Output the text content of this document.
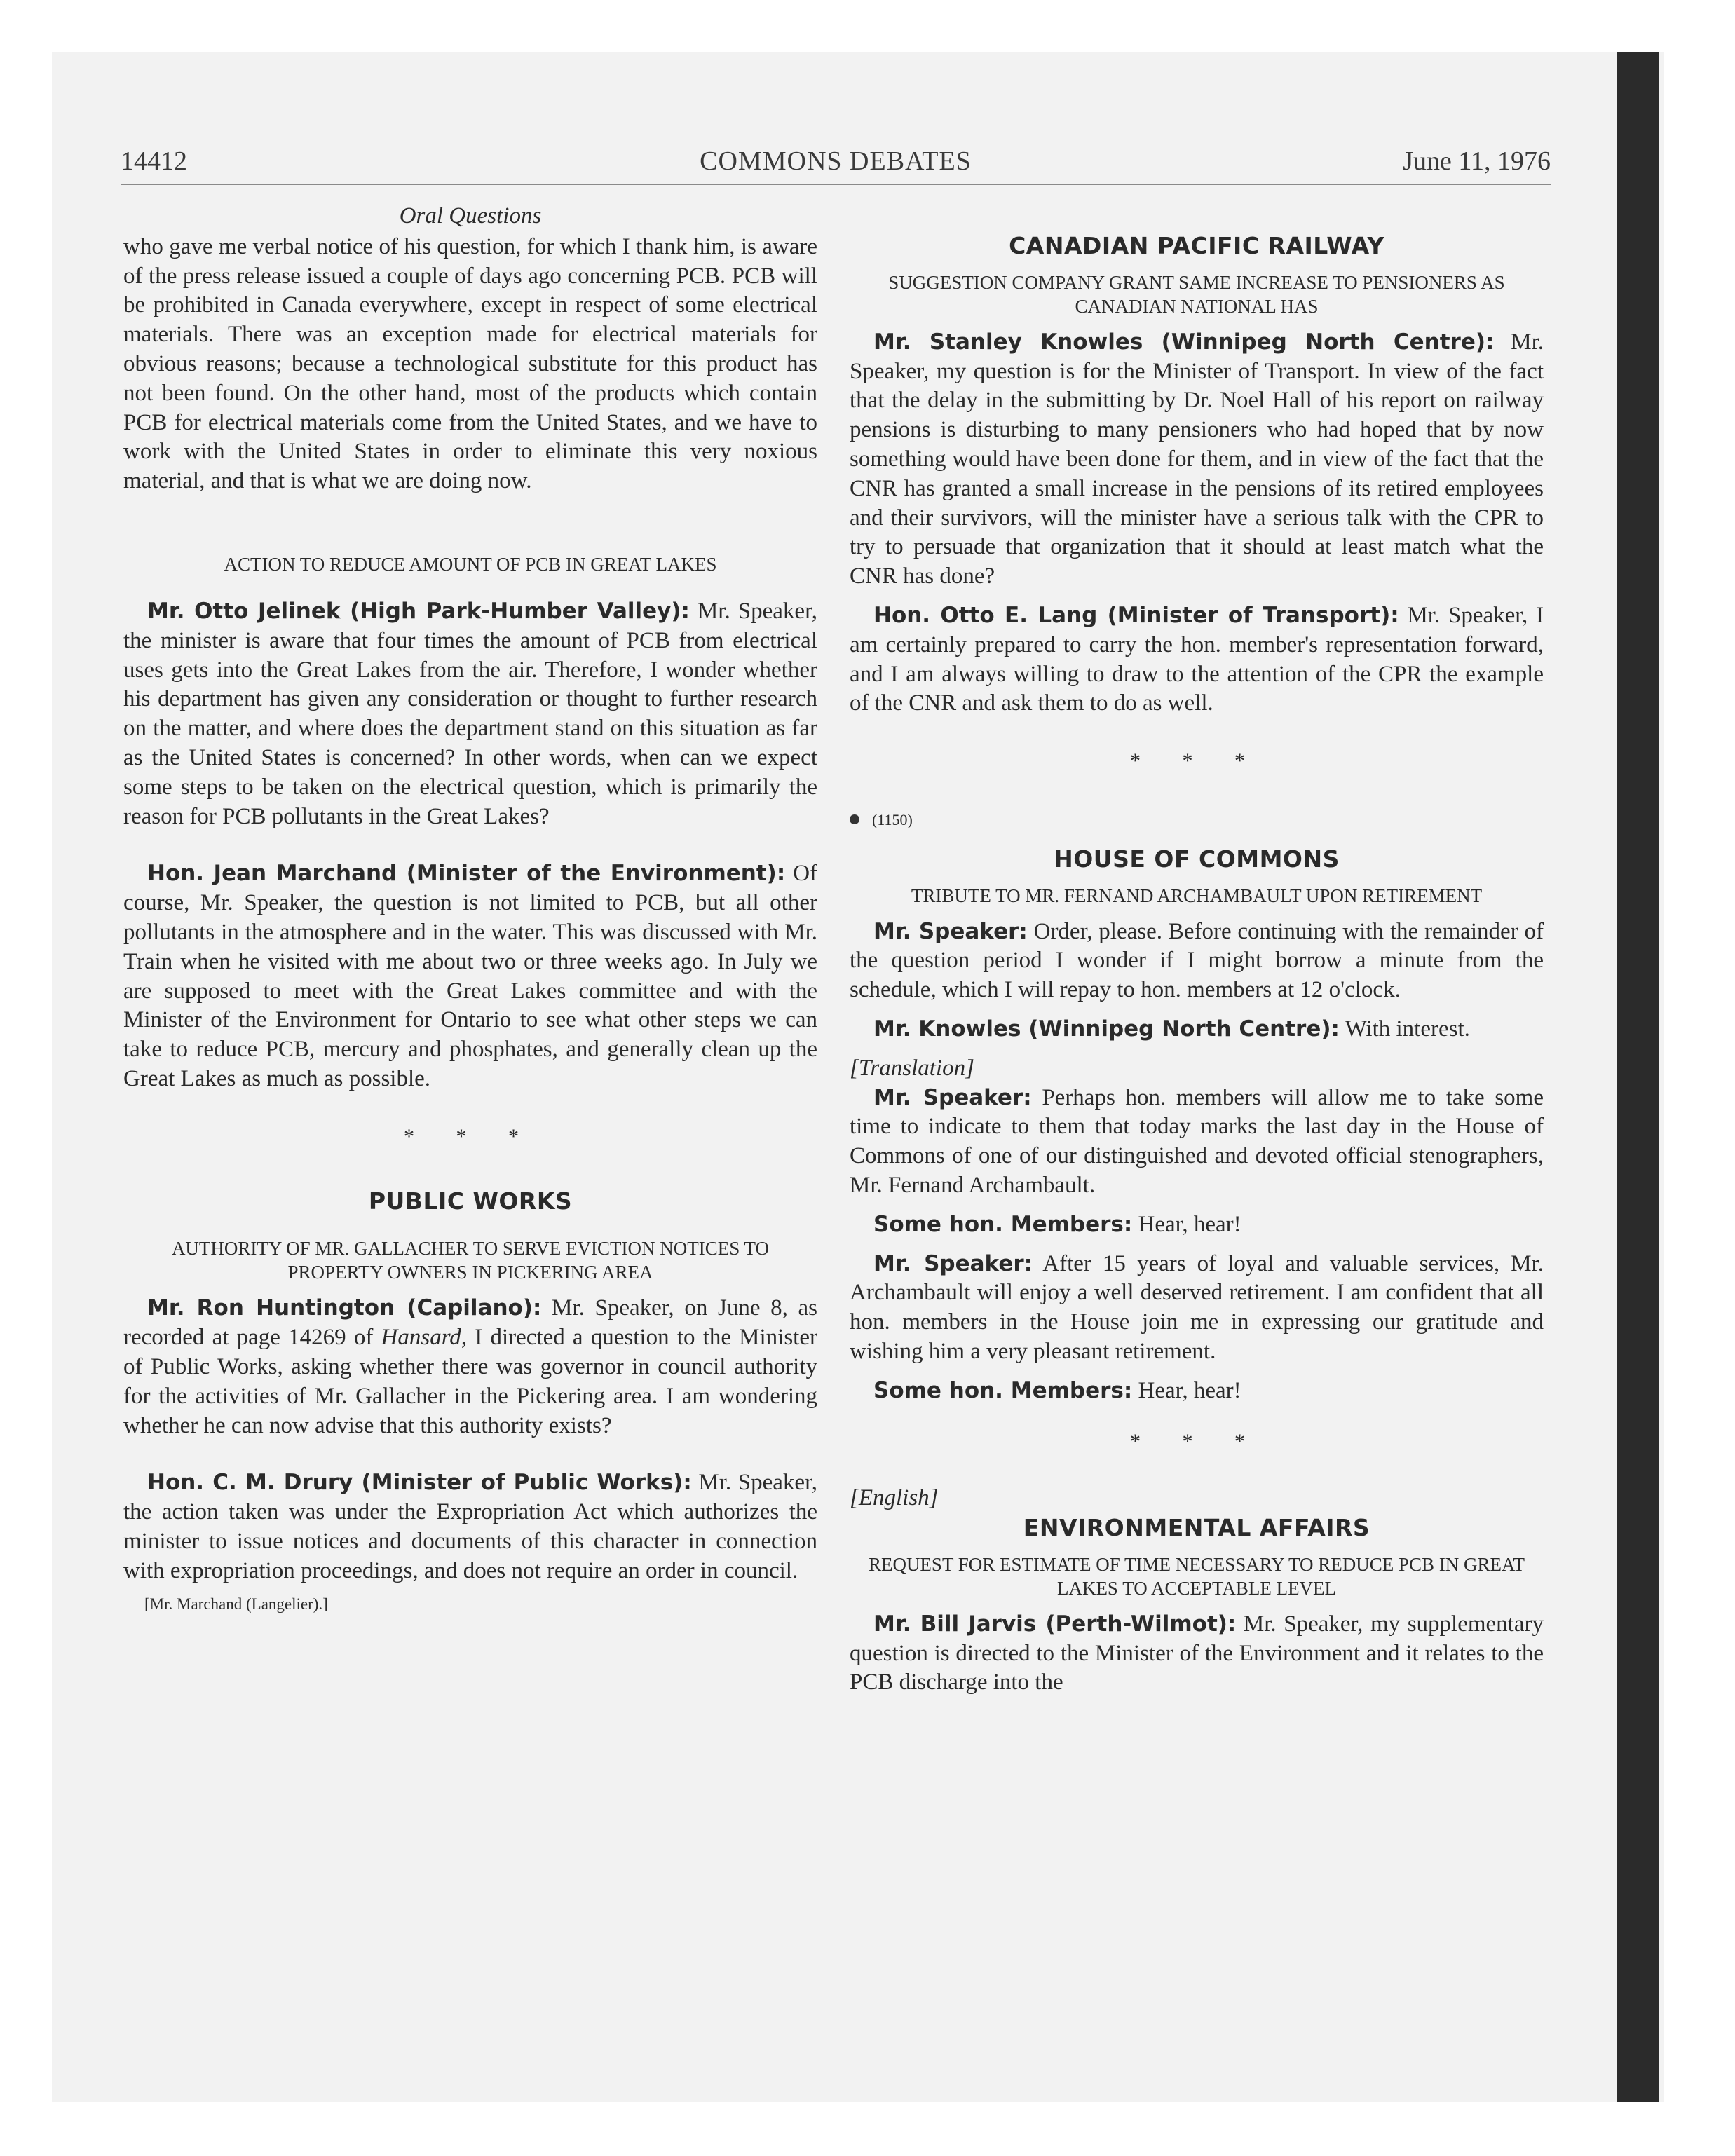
14412	COMMONS DEBATES	June 11, 1976

Oral Questions

who gave me verbal notice of his question, for which I thank him, is aware of the press release issued a couple of days ago concerning PCB. PCB will be prohibited in Canada everywhere, except in respect of some electrical materials. There was an exception made for electrical materials for obvious reasons; because a technological substitute for this product has not been found. On the other hand, most of the products which contain PCB for electrical materials come from the United States, and we have to work with the United States in order to eliminate this very noxious material, and that is what we are doing now.

ACTION TO REDUCE AMOUNT OF PCB IN GREAT LAKES

Mr. Otto Jelinek (High Park-Humber Valley): Mr. Speaker, the minister is aware that four times the amount of PCB from electrical uses gets into the Great Lakes from the air. Therefore, I wonder whether his department has given any consideration or thought to further research on the matter, and where does the department stand on this situation as far as the United States is concerned? In other words, when can we expect some steps to be taken on the electrical question, which is primarily the reason for PCB pollutants in the Great Lakes?

Hon. Jean Marchand (Minister of the Environment): Of course, Mr. Speaker, the question is not limited to PCB, but all other pollutants in the atmosphere and in the water. This was discussed with Mr. Train when he visited with me about two or three weeks ago. In July we are supposed to meet with the Great Lakes committee and with the Minister of the Environment for Ontario to see what other steps we can take to reduce PCB, mercury and phosphates, and generally clean up the Great Lakes as much as possible.

* * *

PUBLIC WORKS

AUTHORITY OF MR. GALLACHER TO SERVE EVICTION NOTICES TO PROPERTY OWNERS IN PICKERING AREA

Mr. Ron Huntington (Capilano): Mr. Speaker, on June 8, as recorded at page 14269 of Hansard, I directed a question to the Minister of Public Works, asking whether there was governor in council authority for the activities of Mr. Gallacher in the Pickering area. I am wondering whether he can now advise that this authority exists?

Hon. C. M. Drury (Minister of Public Works): Mr. Speaker, the action taken was under the Expropriation Act which authorizes the minister to issue notices and documents of this character in connection with expropriation proceedings, and does not require an order in council.

[Mr. Marchand (Langelier).]

CANADIAN PACIFIC RAILWAY

SUGGESTION COMPANY GRANT SAME INCREASE TO PENSIONERS AS CANADIAN NATIONAL HAS

Mr. Stanley Knowles (Winnipeg North Centre): Mr. Speaker, my question is for the Minister of Transport. In view of the fact that the delay in the submitting by Dr. Noel Hall of his report on railway pensions is disturbing to many pensioners who had hoped that by now something would have been done for them, and in view of the fact that the CNR has granted a small increase in the pensions of its retired employees and their survivors, will the minister have a serious talk with the CPR to try to persuade that organization that it should at least match what the CNR has done?

Hon. Otto E. Lang (Minister of Transport): Mr. Speaker, I am certainly prepared to carry the hon. member's representation forward, and I am always willing to draw to the attention of the CPR the example of the CNR and ask them to do as well.

* * *

(1150)

HOUSE OF COMMONS

TRIBUTE TO MR. FERNAND ARCHAMBAULT UPON RETIREMENT

Mr. Speaker: Order, please. Before continuing with the remainder of the question period I wonder if I might borrow a minute from the schedule, which I will repay to hon. members at 12 o'clock.

Mr. Knowles (Winnipeg North Centre): With interest.

[Translation]

Mr. Speaker: Perhaps hon. members will allow me to take some time to indicate to them that today marks the last day in the House of Commons of one of our distinguished and devoted official stenographers, Mr. Fernand Archambault.

Some hon. Members: Hear, hear!

Mr. Speaker: After 15 years of loyal and valuable services, Mr. Archambault will enjoy a well deserved retirement. I am confident that all hon. members in the House join me in expressing our gratitude and wishing him a very pleasant retirement.

Some hon. Members: Hear, hear!

* * *

[English]

ENVIRONMENTAL AFFAIRS

REQUEST FOR ESTIMATE OF TIME NECESSARY TO REDUCE PCB IN GREAT LAKES TO ACCEPTABLE LEVEL

Mr. Bill Jarvis (Perth-Wilmot): Mr. Speaker, my supplementary question is directed to the Minister of the Environment and it relates to the PCB discharge into the
